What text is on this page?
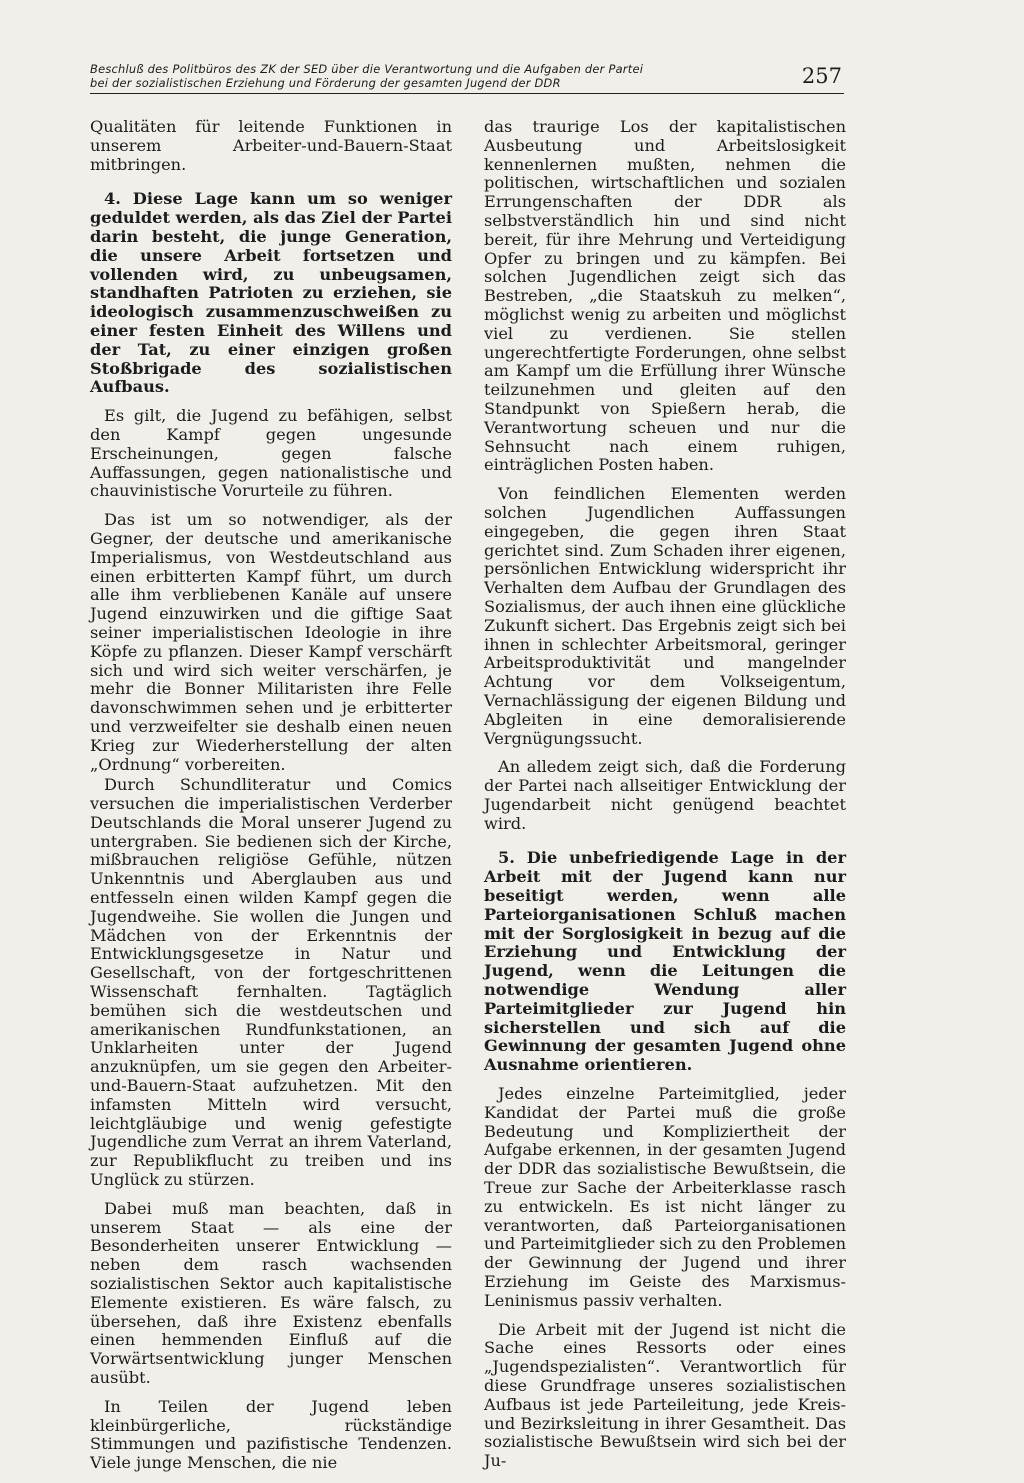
Beschluß des Politbüros des ZK der SED über die Verantwortung und die Aufgaben der Partei
bei der sozialistischen Erziehung und Förderung der gesamten Jugend der DDR	257

Qualitäten für leitende Funktionen in unserem Arbeiter-und-Bauern-Staat mitbringen.

4. Diese Lage kann um so weniger geduldet werden, als das Ziel der Partei darin besteht, die junge Generation, die unsere Arbeit fortsetzen und vollenden wird, zu unbeugsamen, standhaften Patrioten zu erziehen, sie ideologisch zusammenzuschweißen zu einer festen Einheit des Willens und der Tat, zu einer einzigen großen Stoßbrigade des sozialistischen Aufbaus.

Es gilt, die Jugend zu befähigen, selbst den Kampf gegen ungesunde Erscheinungen, gegen falsche Auffassungen, gegen nationalistische und chauvinistische Vorurteile zu führen.

Das ist um so notwendiger, als der Gegner, der deutsche und amerikanische Imperialismus, von Westdeutschland aus einen erbitterten Kampf führt, um durch alle ihm verbliebenen Kanäle auf unsere Jugend einzuwirken und die giftige Saat seiner imperialistischen Ideologie in ihre Köpfe zu pflanzen. Dieser Kampf verschärft sich und wird sich weiter verschärfen, je mehr die Bonner Militaristen ihre Felle davonschwimmen sehen und je erbitterter und verzweifelter sie deshalb einen neuen Krieg zur Wiederherstellung der alten „Ordnung“ vorbereiten.

Durch Schundliteratur und Comics versuchen die imperialistischen Verderber Deutschlands die Moral unserer Jugend zu untergraben. Sie bedienen sich der Kirche, mißbrauchen religiöse Gefühle, nützen Unkenntnis und Aberglauben aus und entfesseln einen wilden Kampf gegen die Jugendweihe. Sie wollen die Jungen und Mädchen von der Erkenntnis der Entwicklungsgesetze in Natur und Gesellschaft, von der fortgeschrittenen Wissenschaft fernhalten. Tagtäglich bemühen sich die westdeutschen und amerikanischen Rundfunkstationen, an Unklarheiten unter der Jugend anzuknüpfen, um sie gegen den Arbeiter-und-Bauern-Staat aufzuhetzen. Mit den infamsten Mitteln wird versucht, leichtgläubige und wenig gefestigte Jugendliche zum Verrat an ihrem Vaterland, zur Republikflucht zu treiben und ins Unglück zu stürzen.

Dabei muß man beachten, daß in unserem Staat — als eine der Besonderheiten unserer Entwicklung — neben dem rasch wachsenden sozialistischen Sektor auch kapitalistische Elemente existieren. Es wäre falsch, zu übersehen, daß ihre Existenz ebenfalls einen hemmenden Einfluß auf die Vorwärtsentwicklung junger Menschen ausübt.

In Teilen der Jugend leben kleinbürgerliche, rückständige Stimmungen und pazifistische Tendenzen. Viele junge Menschen, die nie

das traurige Los der kapitalistischen Ausbeutung und Arbeitslosigkeit kennenlernen mußten, nehmen die politischen, wirtschaftlichen und sozialen Errungenschaften der DDR als selbstverständlich hin und sind nicht bereit, für ihre Mehrung und Verteidigung Opfer zu bringen und zu kämpfen. Bei solchen Jugendlichen zeigt sich das Bestreben, „die Staatskuh zu melken“, möglichst wenig zu arbeiten und möglichst viel zu verdienen. Sie stellen ungerechtfertigte Forderungen, ohne selbst am Kampf um die Erfüllung ihrer Wünsche teilzunehmen und gleiten auf den Standpunkt von Spießern herab, die Verantwortung scheuen und nur die Sehnsucht nach einem ruhigen, einträglichen Posten haben.

Von feindlichen Elementen werden solchen Jugendlichen Auffassungen eingegeben, die gegen ihren Staat gerichtet sind. Zum Schaden ihrer eigenen, persönlichen Entwicklung widerspricht ihr Verhalten dem Aufbau der Grundlagen des Sozialismus, der auch ihnen eine glückliche Zukunft sichert. Das Ergebnis zeigt sich bei ihnen in schlechter Arbeitsmoral, geringer Arbeitsproduktivität und mangelnder Achtung vor dem Volkseigentum, Vernachlässigung der eigenen Bildung und Abgleiten in eine demoralisierende Vergnügungssucht.

An alledem zeigt sich, daß die Forderung der Partei nach allseitiger Entwicklung der Jugendarbeit nicht genügend beachtet wird.

5. Die unbefriedigende Lage in der Arbeit mit der Jugend kann nur beseitigt werden, wenn alle Parteiorganisationen Schluß machen mit der Sorglosigkeit in bezug auf die Erziehung und Entwicklung der Jugend, wenn die Leitungen die notwendige Wendung aller Parteimitglieder zur Jugend hin sicherstellen und sich auf die Gewinnung der gesamten Jugend ohne Ausnahme orientieren.

Jedes einzelne Parteimitglied, jeder Kandidat der Partei muß die große Bedeutung und Kompliziertheit der Aufgabe erkennen, in der gesamten Jugend der DDR das sozialistische Bewußtsein, die Treue zur Sache der Arbeiterklasse rasch zu entwickeln. Es ist nicht länger zu verantworten, daß Parteiorganisationen und Parteimitglieder sich zu den Problemen der Gewinnung der Jugend und ihrer Erziehung im Geiste des Marxismus-Leninismus passiv verhalten.

Die Arbeit mit der Jugend ist nicht die Sache eines Ressorts oder eines „Jugendspezialisten“. Verantwortlich für diese Grundfrage unseres sozialistischen Aufbaus ist jede Parteileitung, jede Kreis- und Bezirksleitung in ihrer Gesamtheit. Das sozialistische Bewußtsein wird sich bei der Ju-
